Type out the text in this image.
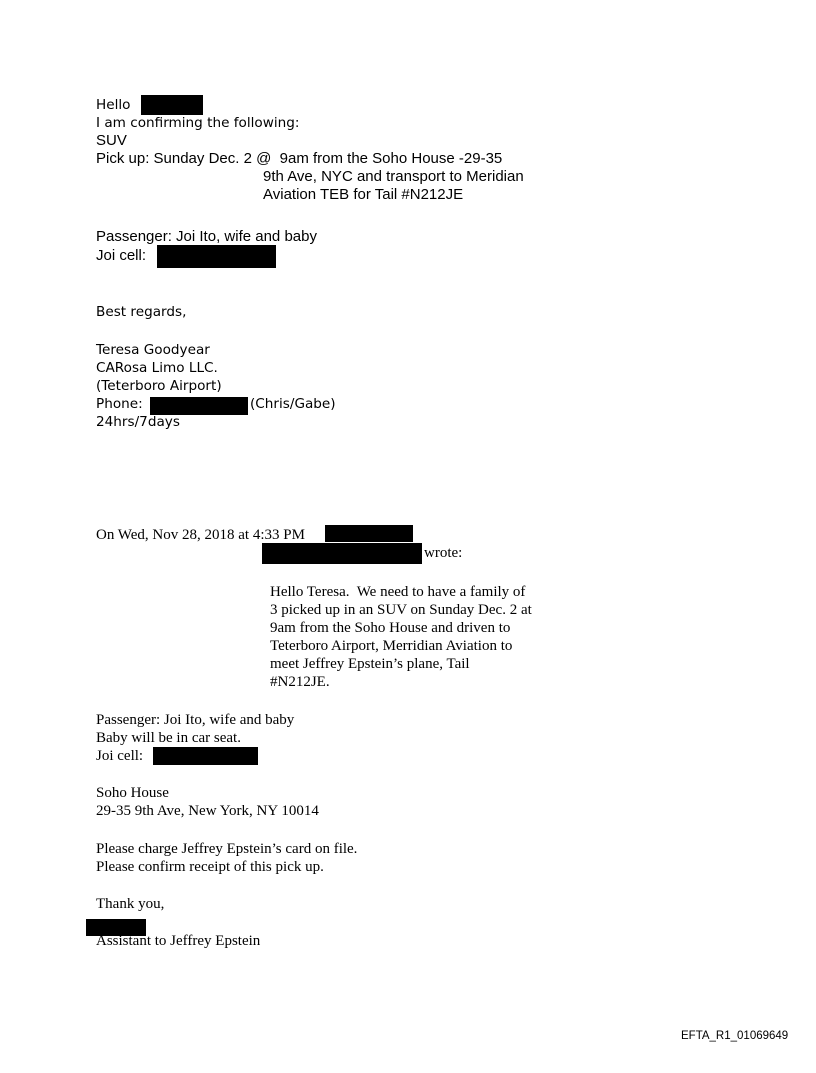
Hello
I am confirming the following:
SUV
Pick up: Sunday Dec. 2 @  9am from the Soho House -29-35
9th Ave, NYC and transport to Meridian
Aviation TEB for Tail #N212JE
Passenger: Joi Ito, wife and baby
Joi cell:
Best regards,
Teresa Goodyear
CARosa Limo LLC.
(Teterboro Airport)
Phone:	(Chris/Gabe)
24hrs/7days
On Wed, Nov 28, 2018 at 4:33 PM
wrote:
Hello Teresa.  We need to have a family of
3 picked up in an SUV on Sunday Dec. 2 at
9am from the Soho House and driven to
Teterboro Airport, Merridian Aviation to
meet Jeffrey Epstein’s plane, Tail
#N212JE.
Passenger: Joi Ito, wife and baby
Baby will be in car seat.
Joi cell:
Soho House
29-35 9th Ave, New York, NY 10014
Please charge Jeffrey Epstein’s card on file.
Please confirm receipt of this pick up.
Thank you,
Assistant to Jeffrey Epstein
EFTA_R1_01069649
